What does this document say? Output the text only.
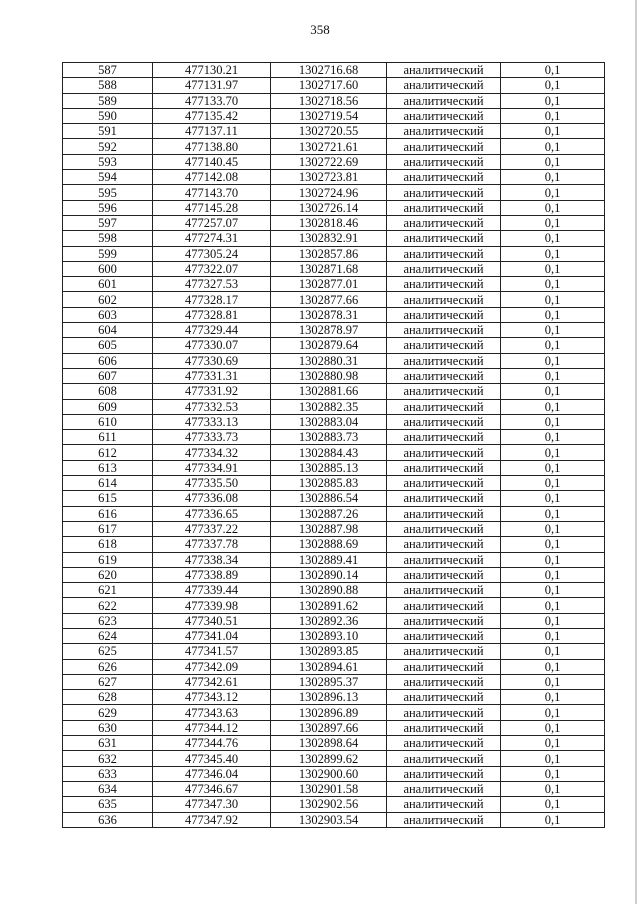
358
587	477130.21	1302716.68	аналитический	0,1
588	477131.97	1302717.60	аналитический	0,1
589	477133.70	1302718.56	аналитический	0,1
590	477135.42	1302719.54	аналитический	0,1
591	477137.11	1302720.55	аналитический	0,1
592	477138.80	1302721.61	аналитический	0,1
593	477140.45	1302722.69	аналитический	0,1
594	477142.08	1302723.81	аналитический	0,1
595	477143.70	1302724.96	аналитический	0,1
596	477145.28	1302726.14	аналитический	0,1
597	477257.07	1302818.46	аналитический	0,1
598	477274.31	1302832.91	аналитический	0,1
599	477305.24	1302857.86	аналитический	0,1
600	477322.07	1302871.68	аналитический	0,1
601	477327.53	1302877.01	аналитический	0,1
602	477328.17	1302877.66	аналитический	0,1
603	477328.81	1302878.31	аналитический	0,1
604	477329.44	1302878.97	аналитический	0,1
605	477330.07	1302879.64	аналитический	0,1
606	477330.69	1302880.31	аналитический	0,1
607	477331.31	1302880.98	аналитический	0,1
608	477331.92	1302881.66	аналитический	0,1
609	477332.53	1302882.35	аналитический	0,1
610	477333.13	1302883.04	аналитический	0,1
611	477333.73	1302883.73	аналитический	0,1
612	477334.32	1302884.43	аналитический	0,1
613	477334.91	1302885.13	аналитический	0,1
614	477335.50	1302885.83	аналитический	0,1
615	477336.08	1302886.54	аналитический	0,1
616	477336.65	1302887.26	аналитический	0,1
617	477337.22	1302887.98	аналитический	0,1
618	477337.78	1302888.69	аналитический	0,1
619	477338.34	1302889.41	аналитический	0,1
620	477338.89	1302890.14	аналитический	0,1
621	477339.44	1302890.88	аналитический	0,1
622	477339.98	1302891.62	аналитический	0,1
623	477340.51	1302892.36	аналитический	0,1
624	477341.04	1302893.10	аналитический	0,1
625	477341.57	1302893.85	аналитический	0,1
626	477342.09	1302894.61	аналитический	0,1
627	477342.61	1302895.37	аналитический	0,1
628	477343.12	1302896.13	аналитический	0,1
629	477343.63	1302896.89	аналитический	0,1
630	477344.12	1302897.66	аналитический	0,1
631	477344.76	1302898.64	аналитический	0,1
632	477345.40	1302899.62	аналитический	0,1
633	477346.04	1302900.60	аналитический	0,1
634	477346.67	1302901.58	аналитический	0,1
635	477347.30	1302902.56	аналитический	0,1
636	477347.92	1302903.54	аналитический	0,1
